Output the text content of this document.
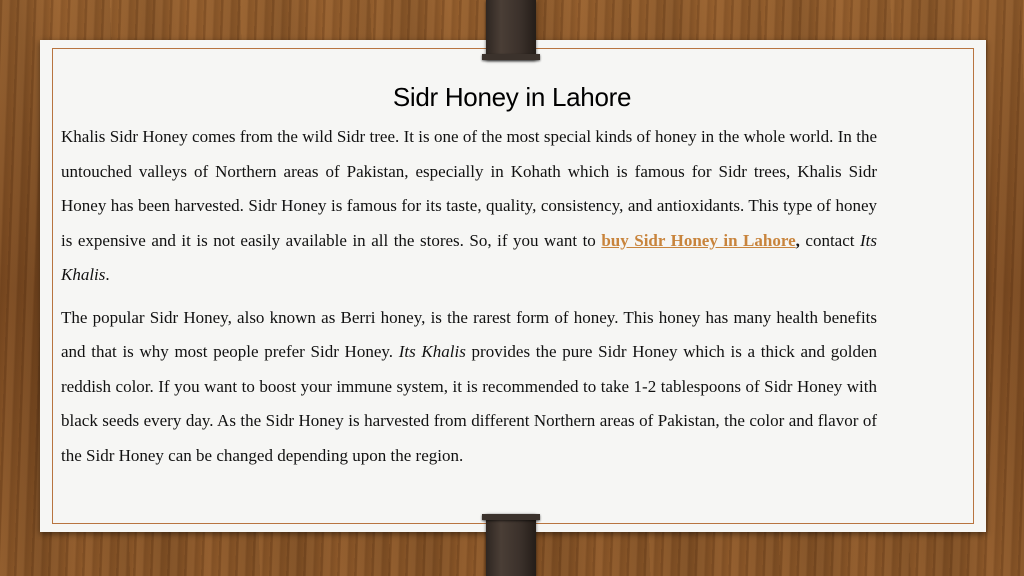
Sidr Honey in Lahore

Khalis Sidr Honey comes from the wild Sidr tree. It is one of the most special kinds of honey in the whole world. In the untouched valleys of Northern areas of Pakistan, especially in Kohath which is famous for Sidr trees, Khalis Sidr Honey has been harvested. Sidr Honey is famous for its taste, quality, consistency, and antioxidants. This type of honey is expensive and it is not easily available in all the stores. So, if you want to buy Sidr Honey in Lahore, contact Its Khalis.

The popular Sidr Honey, also known as Berri honey, is the rarest form of honey. This honey has many health benefits and that is why most people prefer Sidr Honey. Its Khalis provides the pure Sidr Honey which is a thick and golden reddish color. If you want to boost your immune system, it is recommended to take 1-2 tablespoons of Sidr Honey with black seeds every day. As the Sidr Honey is harvested from different Northern areas of Pakistan, the color and flavor of the Sidr Honey can be changed depending upon the region.
